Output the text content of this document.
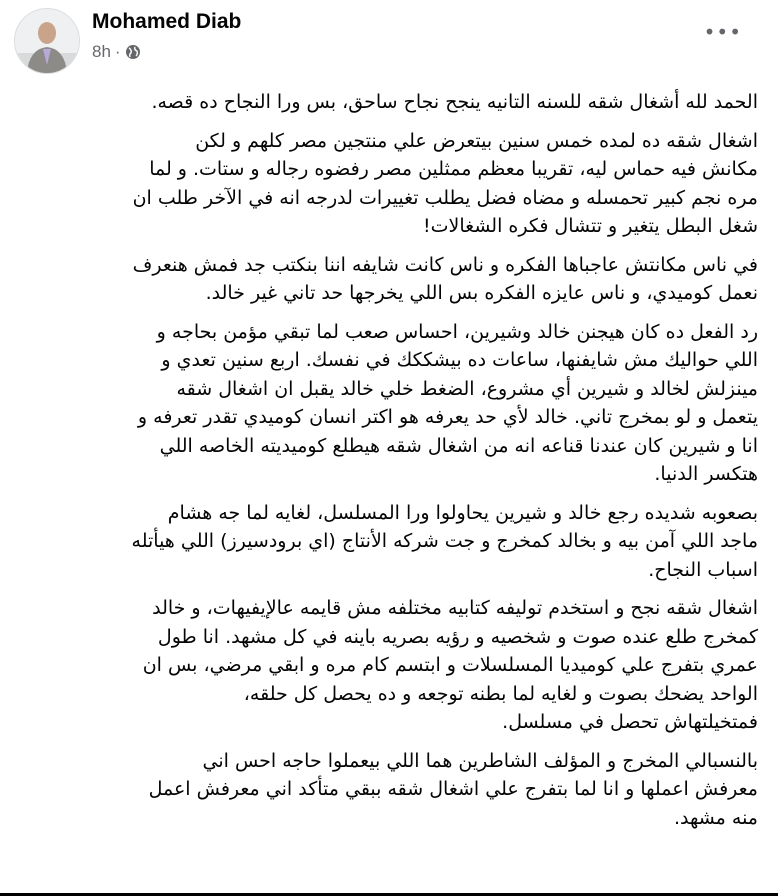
Mohamed Diab
8h ·
•••
الحمد لله أشغال شقه للسنه التانيه ينجح نجاح ساحق، بس ورا النجاح ده قصه.
اشغال شقه ده لمده خمس سنين بيتعرض علي منتجين مصر كلهم و لكن
مكانش فيه حماس ليه، تقريبا معظم ممثلين مصر رفضوه رجاله و ستات. و لما
مره نجم كبير تحمسله و مضاه فضل يطلب تغييرات لدرجه انه في الآخر طلب ان
شغل البطل يتغير و تتشال فكره الشغالات!
في ناس مكانتش عاجباها الفكره و ناس كانت شايفه اننا بنكتب جد فمش هنعرف
نعمل كوميدي، و ناس عايزه الفكره بس اللي يخرجها حد تاني غير خالد.
رد الفعل ده كان هيجنن خالد وشيرين، احساس صعب لما تبقي مؤمن بحاجه و
اللي حواليك مش شايفنها، ساعات ده بيشككك في نفسك. اربع سنين تعدي و
مينزلش لخالد و شيرين أي مشروع، الضغط خلي خالد يقبل ان اشغال شقه
يتعمل و لو بمخرج تاني. خالد لأي حد يعرفه هو اكتر انسان كوميدي تقدر تعرفه و
انا و شيرين كان عندنا قناعه انه من اشغال شقه هيطلع كوميديته الخاصه اللي
هتكسر الدنيا.
بصعوبه شديده رجع خالد و شيرين يحاولوا ورا المسلسل، لغايه لما جه هشام
ماجد اللي آمن بيه و بخالد كمخرج و جت شركه الأنتاج (اي برودسيرز) اللي هيأتله
اسباب النجاح.
اشغال شقه نجح و استخدم توليفه كتابيه مختلفه مش قايمه عالإيفيهات، و خالد
كمخرج طلع عنده صوت و شخصيه و رؤيه بصريه باينه في كل مشهد. انا طول
عمري بتفرج علي كوميديا المسلسلات و ابتسم كام مره و ابقي مرضي، بس ان
الواحد يضحك بصوت و لغايه لما بطنه توجعه و ده يحصل كل حلقه،
فمتخيلتهاش تحصل في مسلسل.
بالنسبالي المخرج و المؤلف الشاطرين هما اللي بيعملوا حاجه احس اني
معرفش اعملها و انا لما بتفرج علي اشغال شقه ببقي متأكد اني معرفش اعمل
منه مشهد.
